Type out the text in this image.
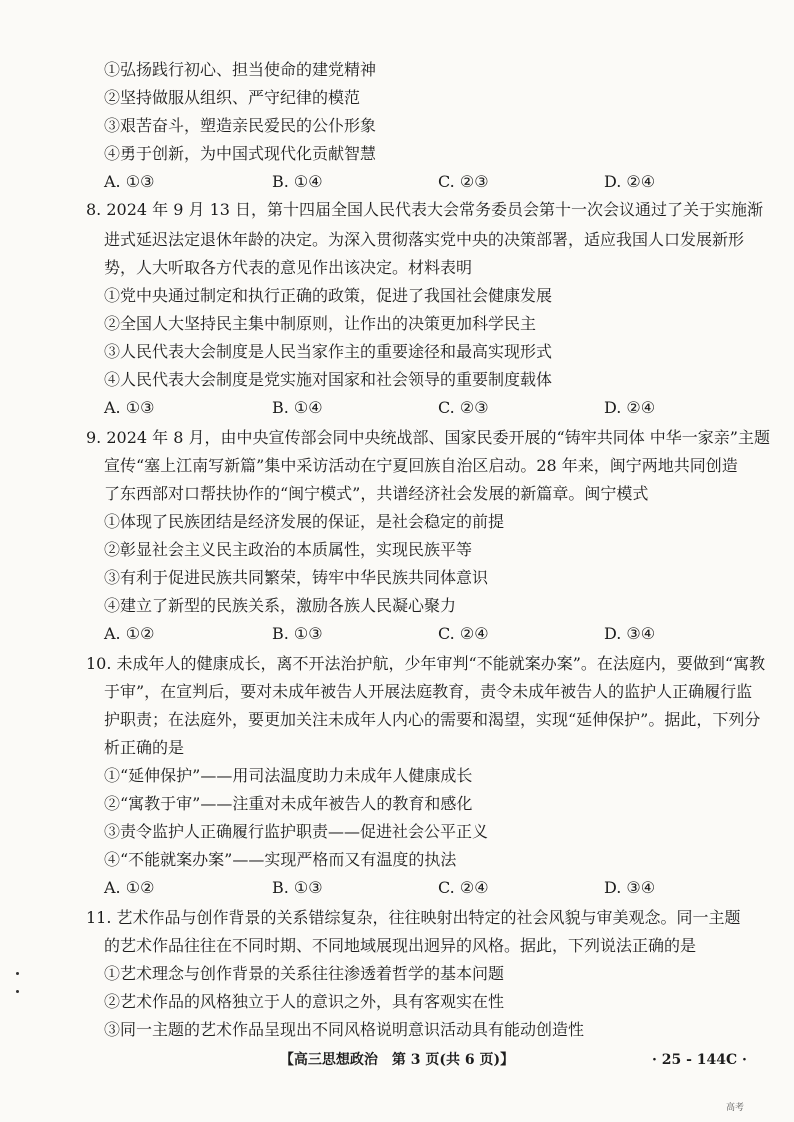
①弘扬践行初心、担当使命的建党精神
②坚持做服从组织、严守纪律的模范
③艰苦奋斗，塑造亲民爱民的公仆形象
④勇于创新，为中国式现代化贡献智慧
A. ①③	B. ①④	C. ②③	D. ②④
8. 2024 年 9 月 13 日，第十四届全国人民代表大会常务委员会第十一次会议通过了关于实施渐
进式延迟法定退休年龄的决定。为深入贯彻落实党中央的决策部署，适应我国人口发展新形
势，人大听取各方代表的意见作出该决定。材料表明
①党中央通过制定和执行正确的政策，促进了我国社会健康发展
②全国人大坚持民主集中制原则，让作出的决策更加科学民主
③人民代表大会制度是人民当家作主的重要途径和最高实现形式
④人民代表大会制度是党实施对国家和社会领导的重要制度载体
A. ①③	B. ①④	C. ②③	D. ②④
9. 2024 年 8 月，由中央宣传部会同中央统战部、国家民委开展的“铸牢共同体 中华一家亲”主题
宣传“塞上江南写新篇”集中采访活动在宁夏回族自治区启动。28 年来，闽宁两地共同创造
了东西部对口帮扶协作的“闽宁模式”，共谱经济社会发展的新篇章。闽宁模式
①体现了民族团结是经济发展的保证，是社会稳定的前提
②彰显社会主义民主政治的本质属性，实现民族平等
③有利于促进民族共同繁荣，铸牢中华民族共同体意识
④建立了新型的民族关系，激励各族人民凝心聚力
A. ①②	B. ①③	C. ②④	D. ③④
10. 未成年人的健康成长，离不开法治护航，少年审判“不能就案办案”。在法庭内，要做到“寓教
于审”，在宣判后，要对未成年被告人开展法庭教育，责令未成年被告人的监护人正确履行监
护职责；在法庭外，要更加关注未成年人内心的需要和渴望，实现“延伸保护”。据此，下列分
析正确的是
①“延伸保护”——用司法温度助力未成年人健康成长
②“寓教于审”——注重对未成年被告人的教育和感化
③责令监护人正确履行监护职责——促进社会公平正义
④“不能就案办案”——实现严格而又有温度的执法
A. ①②	B. ①③	C. ②④	D. ③④
11. 艺术作品与创作背景的关系错综复杂，往往映射出特定的社会风貌与审美观念。同一主题
的艺术作品往往在不同时期、不同地域展现出迥异的风格。据此，下列说法正确的是
①艺术理念与创作背景的关系往往渗透着哲学的基本问题
②艺术作品的风格独立于人的意识之外，具有客观实在性
③同一主题的艺术作品呈现出不同风格说明意识活动具有能动创造性
【高三思想政治　第 3 页(共 6 页)】	· 25 - 144C ·
高考
